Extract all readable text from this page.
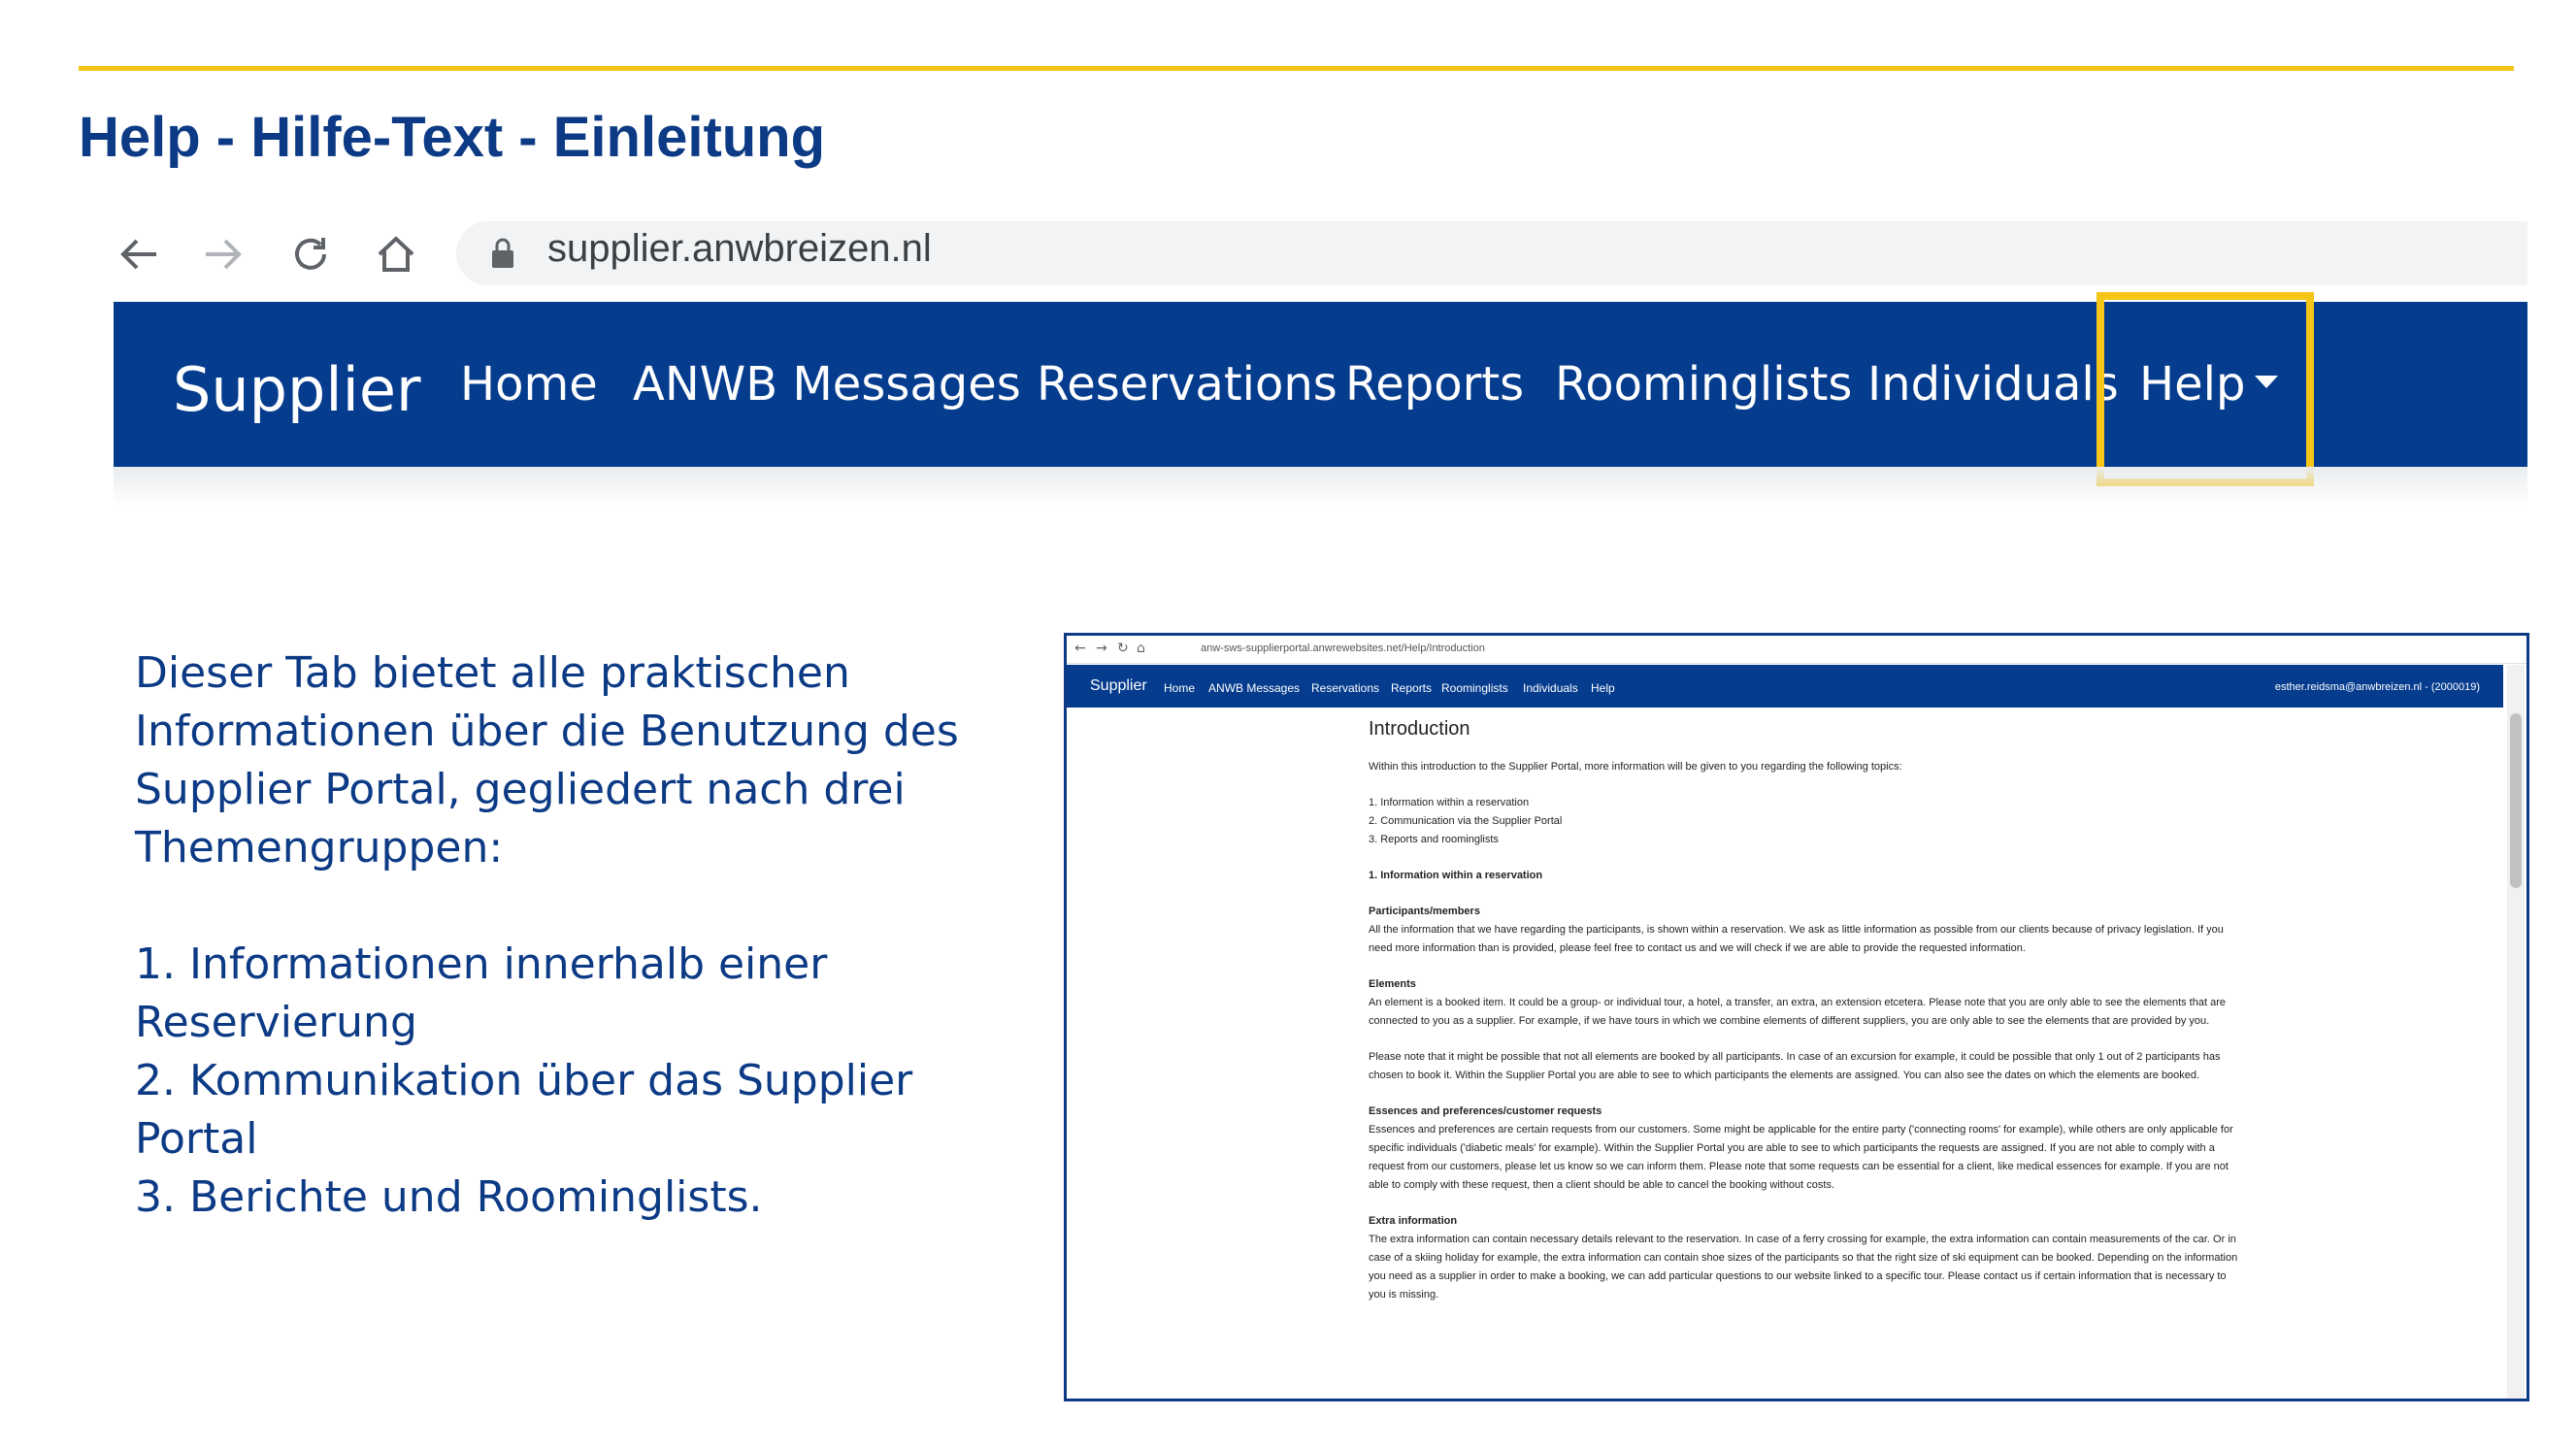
Help - Hilfe-Text - Einleitung
supplier.anwbreizen.nl
Supplier Home ANWB Messages Reservations Reports Roominglists Individuals Help

Dieser Tab bietet alle praktischen Informationen über die Benutzung des Supplier Portal, gegliedert nach drei Themengruppen:

1. Informationen innerhalb einer Reservierung

2. Kommunikation über das Supplier Portal

3. Berichte und Roominglists.

← → ↻ ⌂	anw-sws-supplierportal.anwrewebsites.net/Help/Introduction
Supplier Home ANWB Messages Reservations Reports Roominglists Individuals Help	esther.reidsma@anwbreizen.nl - (2000019)

Introduction

Within this introduction to the Supplier Portal, more information will be given to you regarding the following topics:

1. Information within a reservation

2. Communication via the Supplier Portal

3. Reports and roominglists

1. Information within a reservation

Participants/members

All the information that we have regarding the participants, is shown within a reservation. We ask as little information as possible from our clients because of privacy legislation. If you need more information than is provided, please feel free to contact us and we will check if we are able to provide the requested information.

Elements

An element is a booked item. It could be a group- or individual tour, a hotel, a transfer, an extra, an extension etcetera. Please note that you are only able to see the elements that are connected to you as a supplier. For example, if we have tours in which we combine elements of different suppliers, you are only able to see the elements that are provided by you.

Please note that it might be possible that not all elements are booked by all participants. In case of an excursion for example, it could be possible that only 1 out of 2 participants has chosen to book it. Within the Supplier Portal you are able to see to which participants the elements are assigned. You can also see the dates on which the elements are booked.

Essences and preferences/customer requests

Essences and preferences are certain requests from our customers. Some might be applicable for the entire party ('connecting rooms' for example), while others are only applicable for specific individuals ('diabetic meals' for example). Within the Supplier Portal you are able to see to which participants the requests are assigned. If you are not able to comply with a request from our customers, please let us know so we can inform them. Please note that some requests can be essential for a client, like medical essences for example. If you are not able to comply with these request, then a client should be able to cancel the booking without costs.

Extra information

The extra information can contain necessary details relevant to the reservation. In case of a ferry crossing for example, the extra information can contain measurements of the car. Or in case of a skiing holiday for example, the extra information can contain shoe sizes of the participants so that the right size of ski equipment can be booked. Depending on the information you need as a supplier in order to make a booking, we can add particular questions to our website linked to a specific tour. Please contact us if certain information that is necessary to you is missing.
